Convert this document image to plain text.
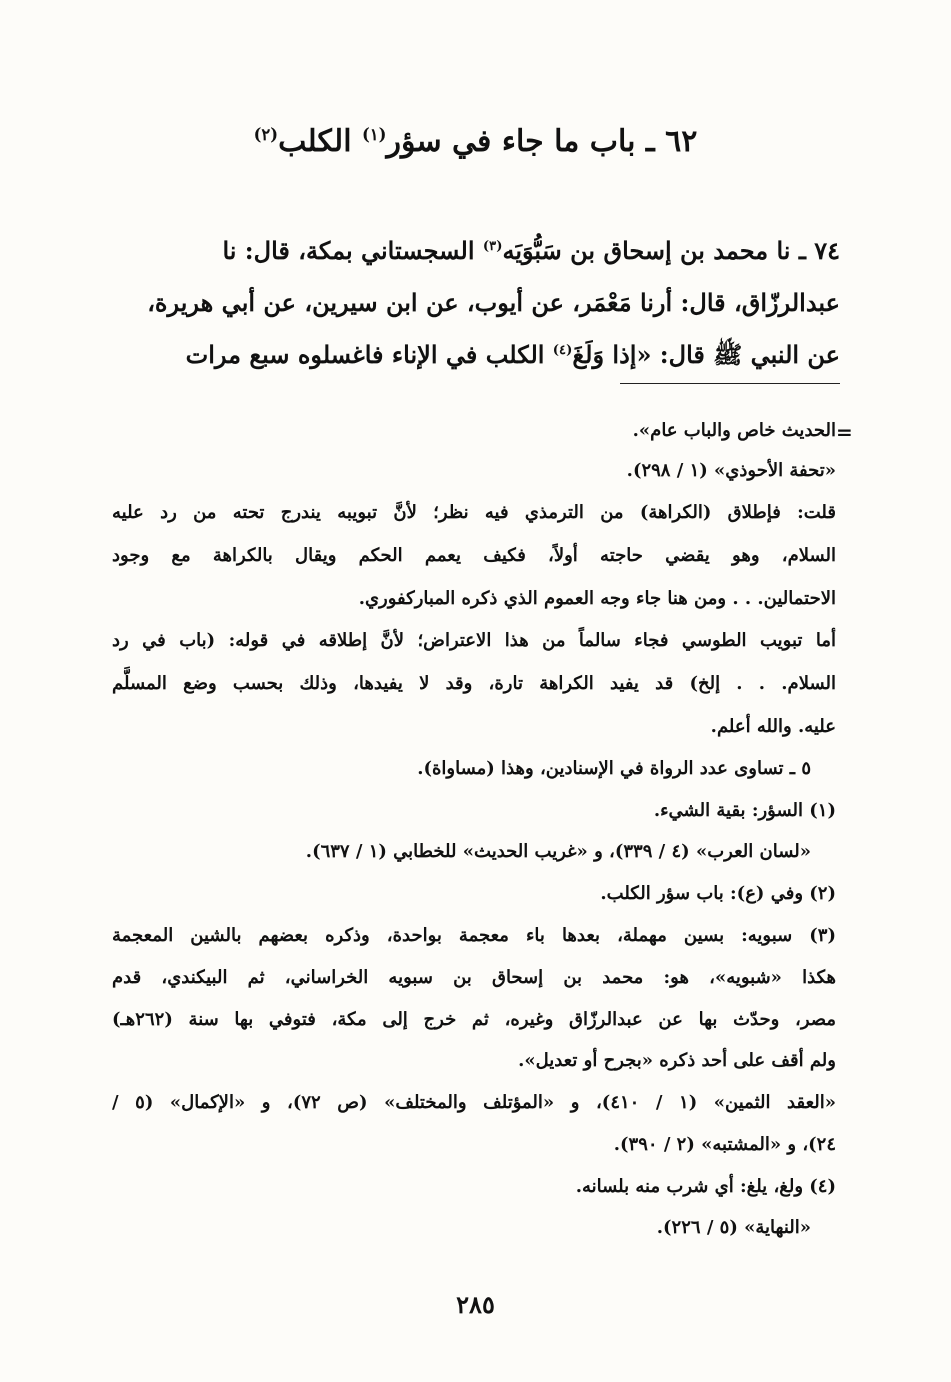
٦٢ ـ باب ما جاء في سؤر$^{(١)}$ الكلب$^{(٢)}$
٧٤ ـ نا محمد بن إسحاق بن سَبُّوَيَه$^{(٣)}$ السجستاني بمكة، قال: نا
عبدالرزّاق، قال: أرنا مَعْمَر، عن أيوب، عن ابن سيرين، عن أبي هريرة،
عن النبي ﷺ قال: «إذا وَلَغَ$^{(٤)}$ الكلب في الإناء فاغسلوه سبع مرات
=
الحديث خاص والباب عام».
«تحفة الأحوذي» (١ / ٢٩٨).
قلت: فإطلاق (الكراهة) من الترمذي فيه نظر؛ لأنَّ تبويبه يندرج تحته من رد عليه
السلام، وهو يقضي حاجته أولاً، فكيف يعمم الحكم ويقال بالكراهة مع وجود
الاحتمالين. . . ومن هنا جاء وجه العموم الذي ذكره المباركفوري.
أما تبويب الطوسي فجاء سالماً من هذا الاعتراض؛ لأنَّ إطلاقه في قوله: (باب في رد
السلام. . . إلخ) قد يفيد الكراهة تارة، وقد لا يفيدها، وذلك بحسب وضع المسلَّم
عليه. والله أعلم.
٥ ـ تساوى عدد الرواة في الإسنادين، وهذا (مساواة).
(١) السؤر: بقية الشيء.
«لسان العرب» (٤ / ٣٣٩)، و «غريب الحديث» للخطابي (١ / ٦٣٧).
(٢) وفي (ع): باب سؤر الكلب.
(٣) سبويه: بسين مهملة، بعدها باء معجمة بواحدة، وذكره بعضهم بالشين المعجمة
هكذا «شبويه»، هو: محمد بن إسحاق بن سبويه الخراساني، ثم البيكندي، قدم
مصر، وحدّث بها عن عبدالرزّاق وغيره، ثم خرج إلى مكة، فتوفي بها سنة (٢٦٢هـ)
ولم أقف على أحد ذكره «بجرح أو تعديل».
«العقد الثمين» (١ / ٤١٠)، و «المؤتلف والمختلف» (ص ٧٢)، و «الإكمال» (٥ /
٢٤)، و «المشتبه» (٢ / ٣٩٠).
(٤) ولغ، يلغ: أي شرب منه بلسانه.
«النهاية» (٥ / ٢٢٦).
٢٨٥
